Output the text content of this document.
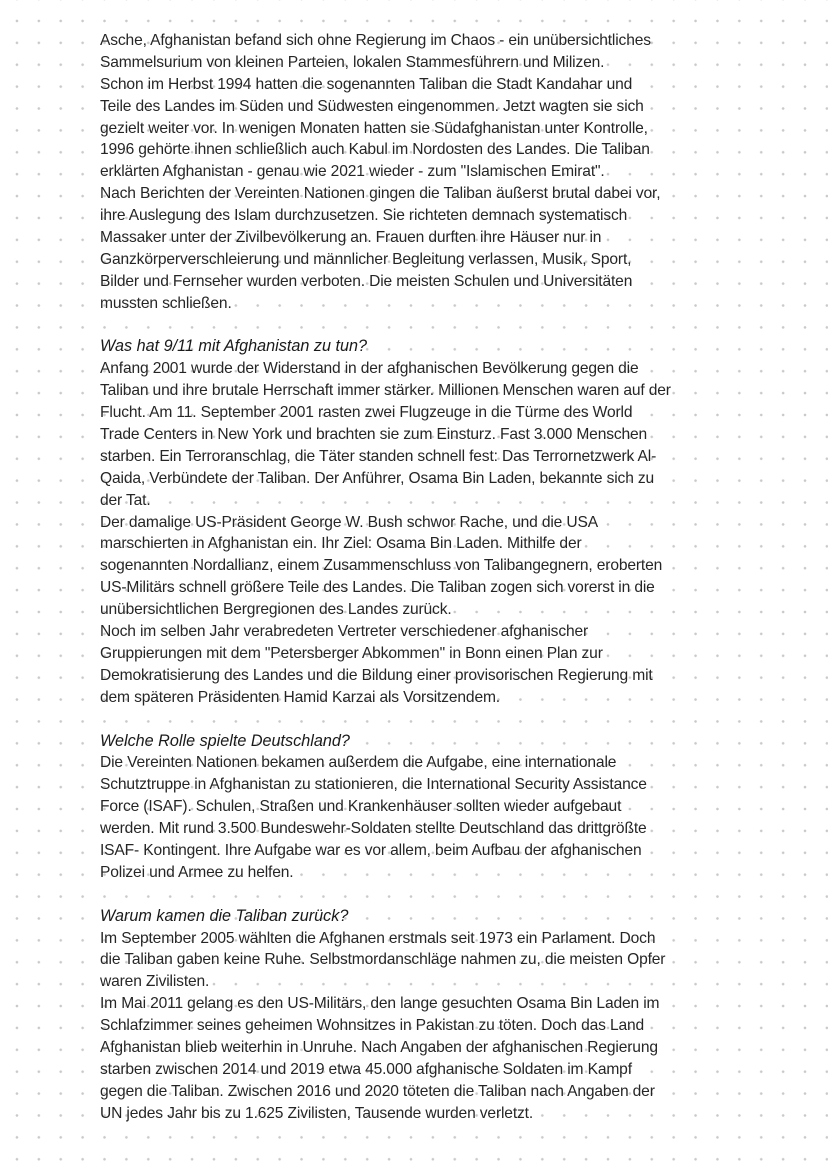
Asche, Afghanistan befand sich ohne Regierung im Chaos - ein unübersichtliches
Sammelsurium von kleinen Parteien, lokalen Stammesführern und Milizen.
Schon im Herbst 1994 hatten die sogenannten Taliban die Stadt Kandahar und
Teile des Landes im Süden und Südwesten eingenommen. Jetzt wagten sie sich
gezielt weiter vor. In wenigen Monaten hatten sie Südafghanistan unter Kontrolle,
1996 gehörte ihnen schließlich auch Kabul im Nordosten des Landes. Die Taliban
erklärten Afghanistan - genau wie 2021 wieder - zum "Islamischen Emirat".
Nach Berichten der Vereinten Nationen gingen die Taliban äußerst brutal dabei vor,
ihre Auslegung des Islam durchzusetzen. Sie richteten demnach systematisch
Massaker unter der Zivilbevölkerung an. Frauen durften ihre Häuser nur in
Ganzkörperverschleierung und männlicher Begleitung verlassen, Musik, Sport,
Bilder und Fernseher wurden verboten. Die meisten Schulen und Universitäten
mussten schließen.
Was hat 9/11 mit Afghanistan zu tun?
Anfang 2001 wurde der Widerstand in der afghanischen Bevölkerung gegen die
Taliban und ihre brutale Herrschaft immer stärker. Millionen Menschen waren auf der
Flucht. Am 11. September 2001 rasten zwei Flugzeuge in die Türme des World
Trade Centers in New York und brachten sie zum Einsturz. Fast 3.000 Menschen
starben. Ein Terroranschlag, die Täter standen schnell fest: Das Terrornetzwerk Al-
Qaida, Verbündete der Taliban. Der Anführer, Osama Bin Laden, bekannte sich zu
der Tat.
Der damalige US-Präsident George W. Bush schwor Rache, und die USA
marschierten in Afghanistan ein. Ihr Ziel: Osama Bin Laden. Mithilfe der
sogenannten Nordallianz, einem Zusammenschluss von Talibangegnern, eroberten
US-Militärs schnell größere Teile des Landes. Die Taliban zogen sich vorerst in die
unübersichtlichen Bergregionen des Landes zurück.
Noch im selben Jahr verabredeten Vertreter verschiedener afghanischer
Gruppierungen mit dem "Petersberger Abkommen" in Bonn einen Plan zur
Demokratisierung des Landes und die Bildung einer provisorischen Regierung mit
dem späteren Präsidenten Hamid Karzai als Vorsitzendem.
Welche Rolle spielte Deutschland?
Die Vereinten Nationen bekamen außerdem die Aufgabe, eine internationale
Schutztruppe in Afghanistan zu stationieren, die International Security Assistance
Force (ISAF). Schulen, Straßen und Krankenhäuser sollten wieder aufgebaut
werden. Mit rund 3.500 Bundeswehr-Soldaten stellte Deutschland das drittgrößte
ISAF- Kontingent. Ihre Aufgabe war es vor allem, beim Aufbau der afghanischen
Polizei und Armee zu helfen.
Warum kamen die Taliban zurück?
Im September 2005 wählten die Afghanen erstmals seit 1973 ein Parlament. Doch
die Taliban gaben keine Ruhe. Selbstmordanschläge nahmen zu, die meisten Opfer
waren Zivilisten.
Im Mai 2011 gelang es den US-Militärs, den lange gesuchten Osama Bin Laden im
Schlafzimmer seines geheimen Wohnsitzes in Pakistan zu töten. Doch das Land
Afghanistan blieb weiterhin in Unruhe. Nach Angaben der afghanischen Regierung
starben zwischen 2014 und 2019 etwa 45.000 afghanische Soldaten im Kampf
gegen die Taliban. Zwischen 2016 und 2020 töteten die Taliban nach Angaben der
UN jedes Jahr bis zu 1.625 Zivilisten, Tausende wurden verletzt.
